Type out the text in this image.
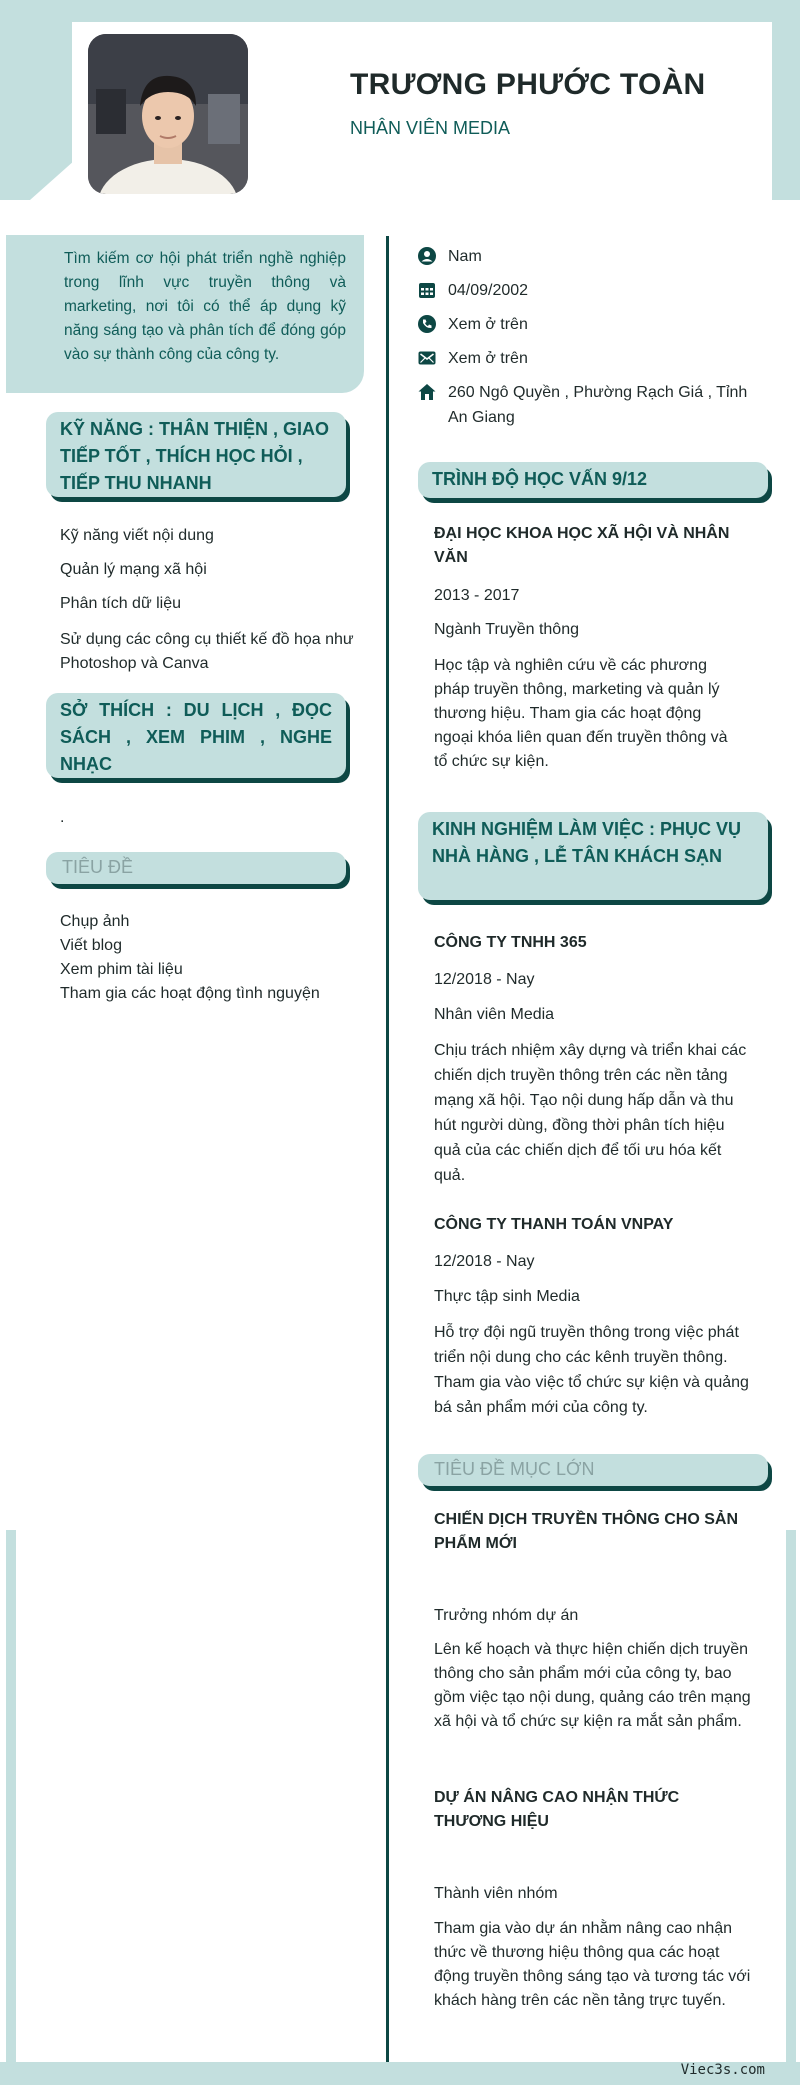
TRƯƠNG PHƯỚC TOÀN
NHÂN VIÊN MEDIA
Tìm kiếm cơ hội phát triển nghề nghiệp trong lĩnh vực truyền thông và marketing, nơi tôi có thể áp dụng kỹ năng sáng tạo và phân tích để đóng góp vào sự thành công của công ty.
Nam
04/09/2002
Xem ở trên
Xem ở trên
260 Ngô Quyền , Phường Rạch Giá , Tỉnh An Giang
KỸ NĂNG : THÂN THIỆN , GIAO TIẾP TỐT , THÍCH HỌC HỎI , TIẾP THU NHANH
Kỹ năng viết nội dung
Quản lý mạng xã hội
Phân tích dữ liệu
Sử dụng các công cụ thiết kế đồ họa như Photoshop và Canva
SỞ THÍCH : DU LỊCH , ĐỌC SÁCH , XEM PHIM , NGHE NHẠC
.
TIÊU ĐỀ
Chụp ảnh
Viết blog
Xem phim tài liệu
Tham gia các hoạt động tình nguyện
TRÌNH ĐỘ HỌC VẤN 9/12
ĐẠI HỌC KHOA HỌC XÃ HỘI VÀ NHÂN VĂN
2013 - 2017
Ngành Truyền thông
Học tập và nghiên cứu về các phương pháp truyền thông, marketing và quản lý thương hiệu. Tham gia các hoạt động ngoại khóa liên quan đến truyền thông và tổ chức sự kiện.
KINH NGHIỆM LÀM VIỆC : PHỤC VỤ NHÀ HÀNG , LỄ TÂN KHÁCH SẠN
CÔNG TY TNHH 365
12/2018 - Nay
Nhân viên Media
Chịu trách nhiệm xây dựng và triển khai các chiến dịch truyền thông trên các nền tảng mạng xã hội. Tạo nội dung hấp dẫn và thu hút người dùng, đồng thời phân tích hiệu quả của các chiến dịch để tối ưu hóa kết quả.
CÔNG TY THANH TOÁN VNPAY
12/2018 - Nay
Thực tập sinh Media
Hỗ trợ đội ngũ truyền thông trong việc phát triển nội dung cho các kênh truyền thông. Tham gia vào việc tổ chức sự kiện và quảng bá sản phẩm mới của công ty.
TIÊU ĐỀ MỤC LỚN
CHIẾN DỊCH TRUYỀN THÔNG CHO SẢN PHẨM MỚI
Trưởng nhóm dự án
Lên kế hoạch và thực hiện chiến dịch truyền thông cho sản phẩm mới của công ty, bao gồm việc tạo nội dung, quảng cáo trên mạng xã hội và tổ chức sự kiện ra mắt sản phẩm.
DỰ ÁN NÂNG CAO NHẬN THỨC THƯƠNG HIỆU
Thành viên nhóm
Tham gia vào dự án nhằm nâng cao nhận thức về thương hiệu thông qua các hoạt động truyền thông sáng tạo và tương tác với khách hàng trên các nền tảng trực tuyến.
Viec3s.com
